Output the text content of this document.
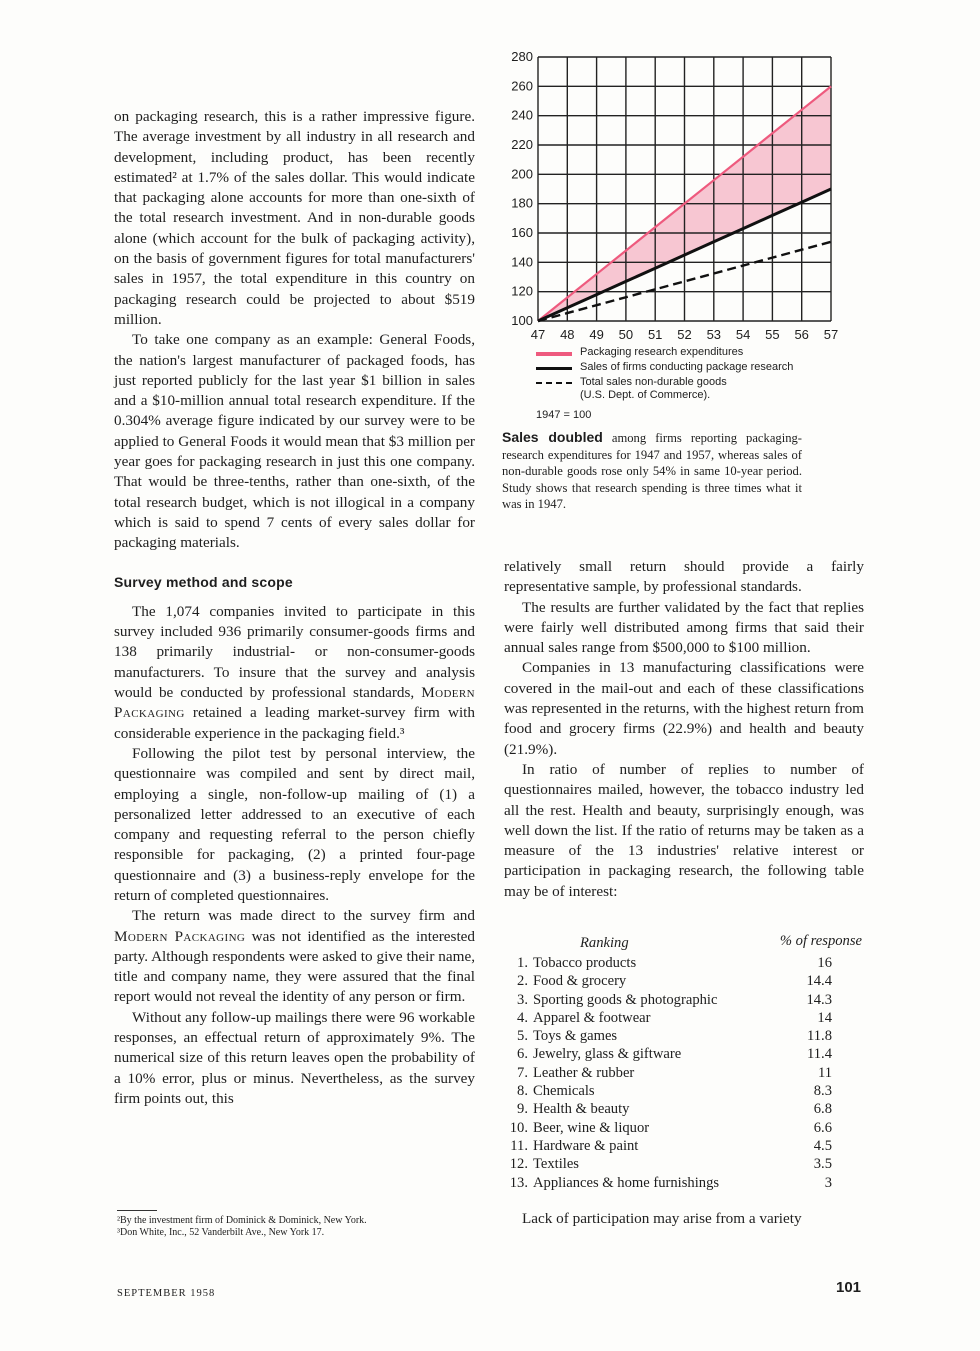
on packaging research, this is a rather impressive figure. The average investment by all industry in all research and development, including product, has been recently estimated² at 1.7% of the sales dollar. This would indicate that packaging alone accounts for more than one-sixth of the total research investment. And in non-durable goods alone (which account for the bulk of packaging activity), on the basis of government figures for total manufacturers' sales in 1957, the total expenditure in this country on packaging research could be projected to about $519 million.

To take one company as an example: General Foods, the nation's largest manufacturer of packaged foods, has just reported publicly for the last year $1 billion in sales and a $10-million annual total research expenditure. If the 0.304% average figure indicated by our survey were to be applied to General Foods it would mean that $3 million per year goes for packaging research in just this one company. That would be three-tenths, rather than one-sixth, of the total research budget, which is not illogical in a company which is said to spend 7 cents of every sales dollar for packaging materials.

Survey method and scope

The 1,074 companies invited to participate in this survey included 936 primarily consumer-goods firms and 138 primarily industrial- or non-consumer-goods manufacturers. To insure that the survey and analysis would be conducted by professional standards, Modern Packaging retained a leading market-survey firm with considerable experience in the packaging field.³

Following the pilot test by personal interview, the questionnaire was compiled and sent by direct mail, employing a single, non-follow-up mailing of (1) a personalized letter addressed to an executive of each company and requesting referral to the person chiefly responsible for packaging, (2) a printed four-page questionnaire and (3) a business-reply envelope for the return of completed questionnaires.

The return was made direct to the survey firm and Modern Packaging was not identified as the interested party. Although respondents were asked to give their name, title and company name, they were assured that the final report would not reveal the identity of any person or firm.

Without any follow-up mailings there were 96 workable responses, an effectual return of approximately 9%. The numerical size of this return leaves open the probability of a 10% error, plus or minus. Nevertheless, as the survey firm points out, this

100
120
140
160
180
200
220
240
260
280
47 48 49 50 51 52 53 54 55 56 57
Packaging research expenditures
Sales of firms conducting package research
Total sales non-durable goods
(U.S. Dept. of Commerce).
1947 = 100
Sales doubled among firms reporting packaging-research expenditures for 1947 and 1957, whereas sales of non-durable goods rose only 54% in same 10-year period. Study shows that research spending is three times what it was in 1947.

relatively small return should provide a fairly representative sample, by professional standards.

The results are further validated by the fact that replies were fairly well distributed among firms that said their annual sales range from $500,000 to $100 million.

Companies in 13 manufacturing classifications were covered in the mail-out and each of these classifications was represented in the returns, with the highest return from food and grocery firms (22.9%) and health and beauty (21.9%).

In ratio of number of replies to number of questionnaires mailed, however, the tobacco industry led all the rest. Health and beauty, surprisingly enough, was well down the list. If the ratio of returns may be taken as a measure of the 13 industries' relative interest or participation in packaging research, the following table may be of interest:

Ranking	% of response
1. Tobacco products	16
2. Food & grocery	14.4
3. Sporting goods & photographic	14.3
4. Apparel & footwear	14
5. Toys & games	11.8
6. Jewelry, glass & giftware	11.4
7. Leather & rubber	11
8. Chemicals	8.3
9. Health & beauty	6.8
10. Beer, wine & liquor	6.6
11. Hardware & paint	4.5
12. Textiles	3.5
13. Appliances & home furnishings	3
Lack of participation may arise from a variety
²By the investment firm of Dominick & Dominick, New York.
³Don White, Inc., 52 Vanderbilt Ave., New York 17.
SEPTEMBER 1958	101
